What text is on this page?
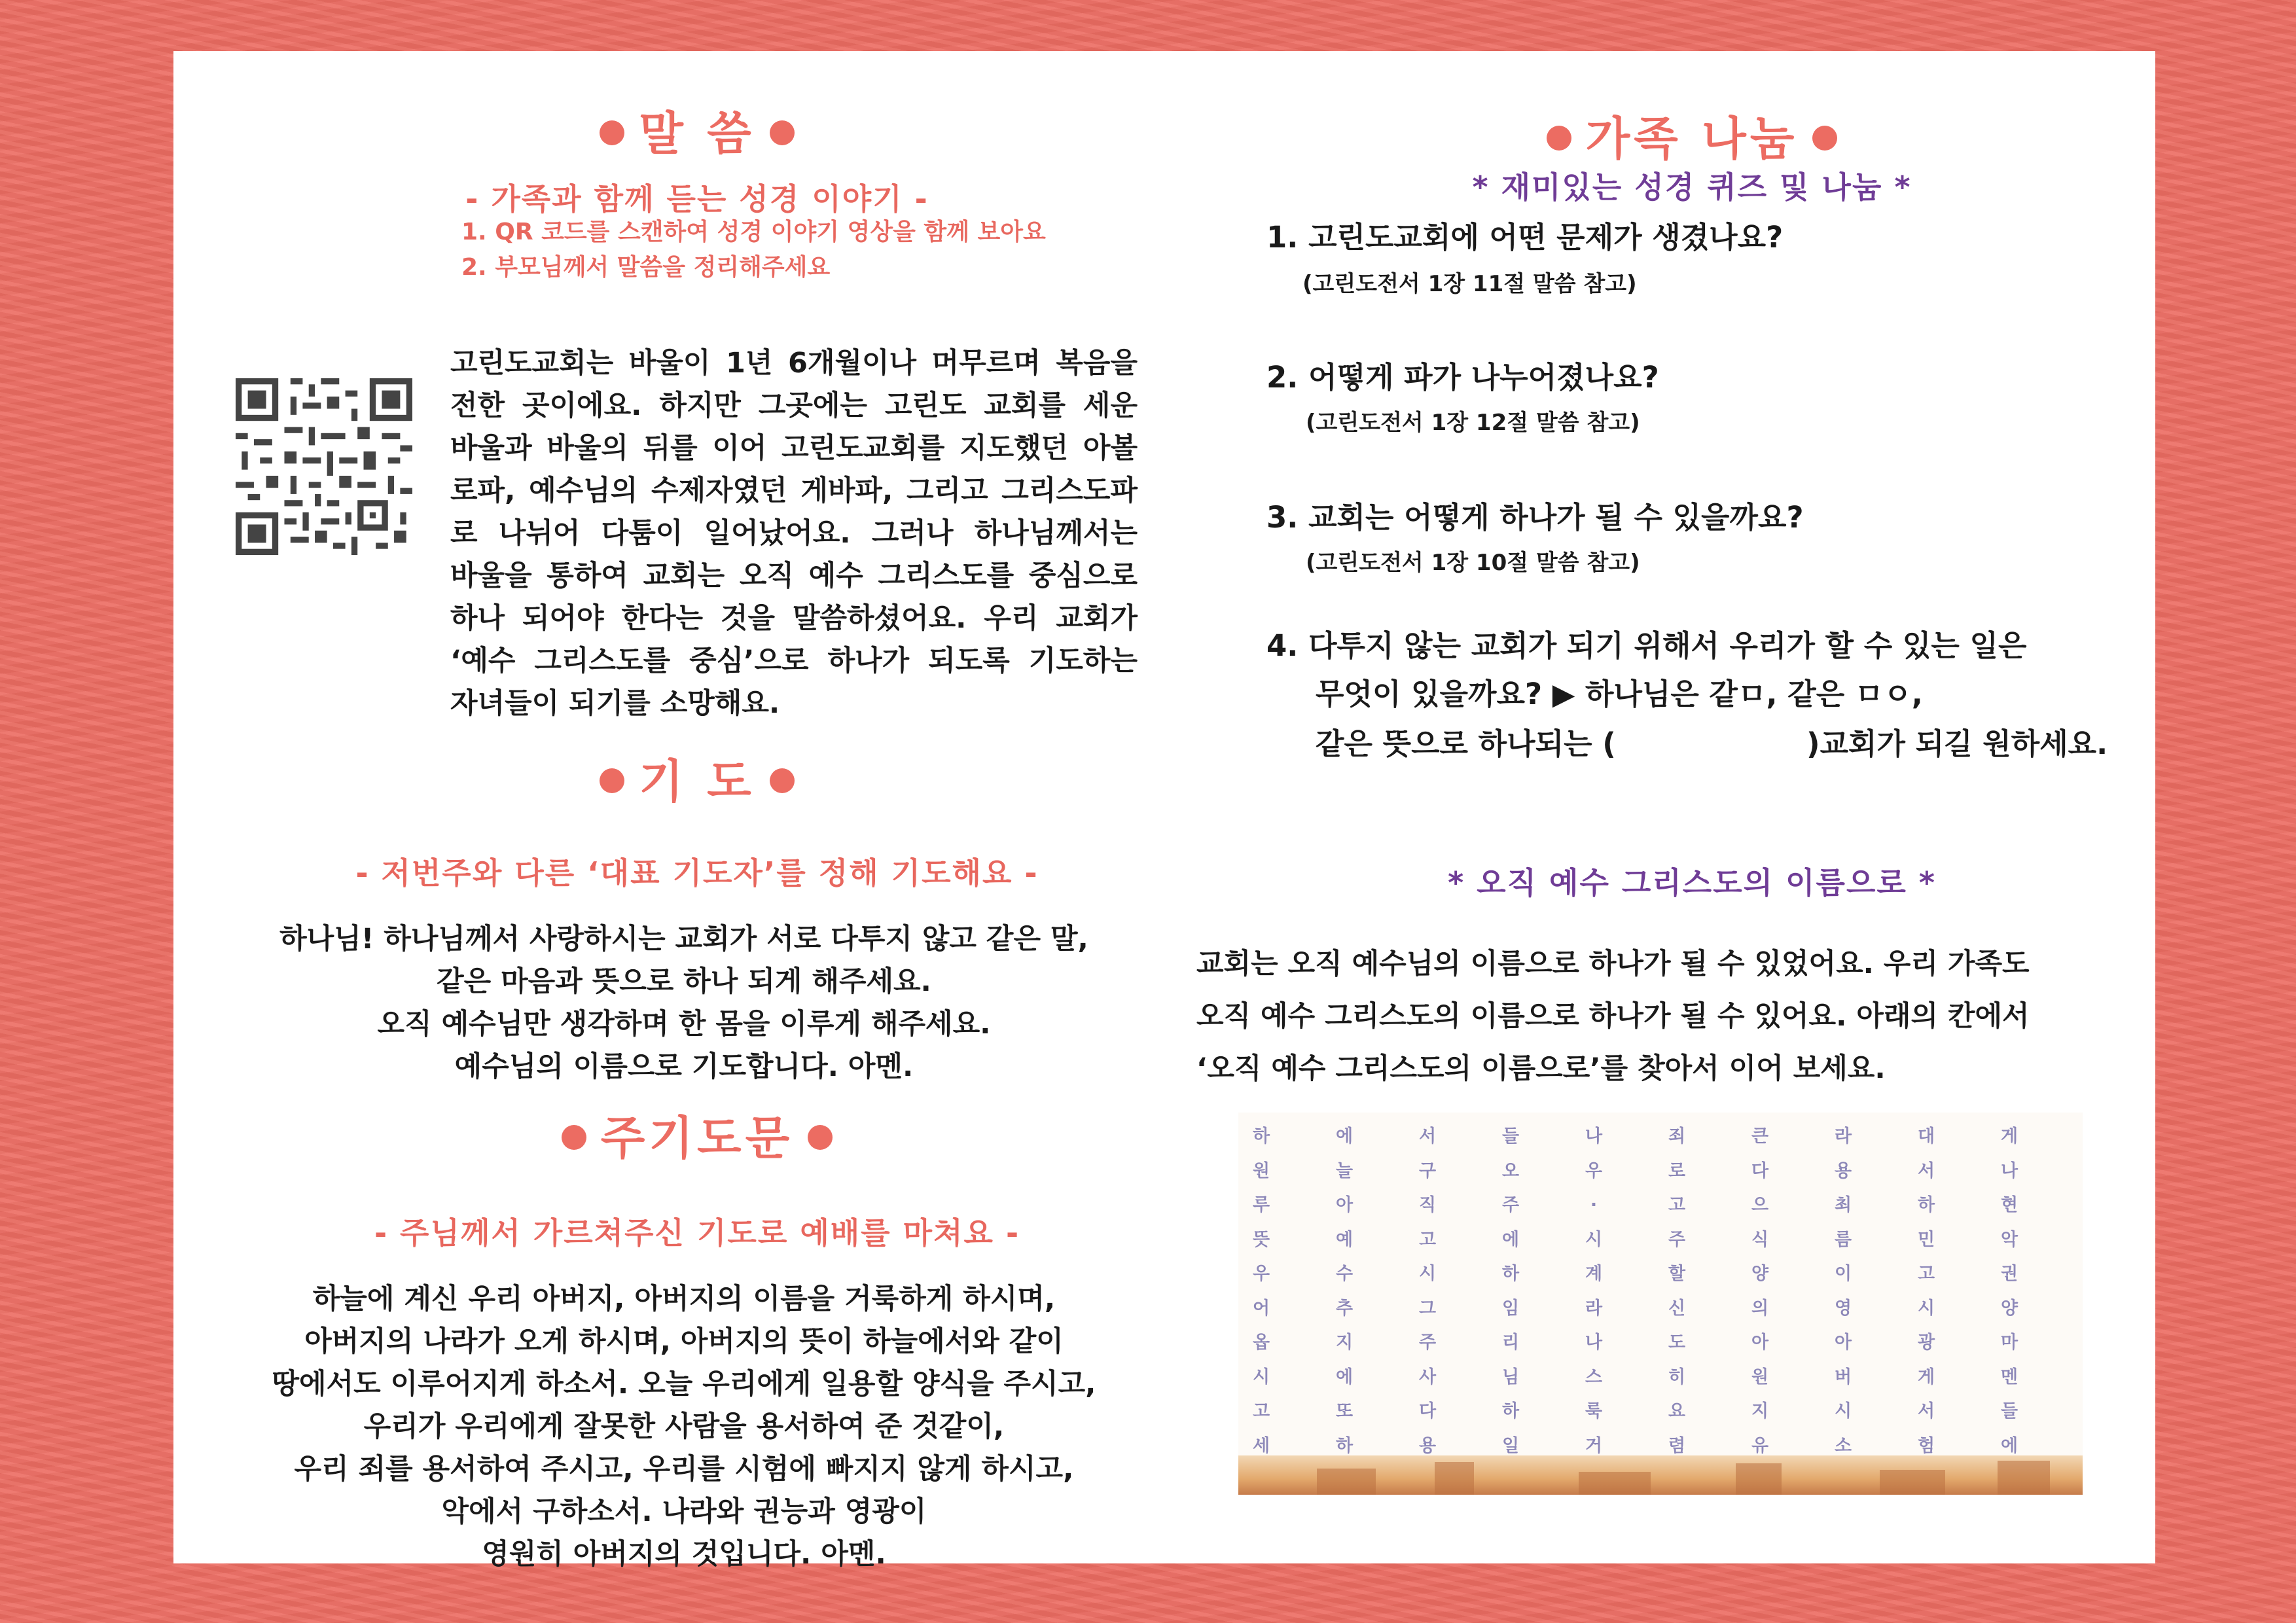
말 씀
- 가족과 함께 듣는 성경 이야기 -
1. QR 코드를 스캔하여 성경 이야기 영상을 함께 보아요
2. 부모님께서 말씀을 정리해주세요
고린도교회는 바울이 1년 6개월이나 머무르며 복음을
전한 곳이에요. 하지만 그곳에는 고린도 교회를 세운
바울과 바울의 뒤를 이어 고린도교회를 지도했던 아볼
로파, 예수님의 수제자였던 게바파, 그리고 그리스도파
로 나뉘어 다툼이 일어났어요. 그러나 하나님께서는
바울을 통하여 교회는 오직 예수 그리스도를 중심으로
하나 되어야 한다는 것을 말씀하셨어요. 우리 교회가
‘예수 그리스도를 중심’으로 하나가 되도록 기도하는
자녀들이 되기를 소망해요.
기 도
- 저번주와 다른 ‘대표 기도자’를 정해 기도해요 -
하나님! 하나님께서 사랑하시는 교회가 서로 다투지 않고 같은 말,
같은 마음과 뜻으로 하나 되게 해주세요.
오직 예수님만 생각하며 한 몸을 이루게 해주세요.
예수님의 이름으로 기도합니다. 아멘.
주기도문
- 주님께서 가르쳐주신 기도로 예배를 마쳐요 -
하늘에 계신 우리 아버지, 아버지의 이름을 거룩하게 하시며,
아버지의 나라가 오게 하시며, 아버지의 뜻이 하늘에서와 같이
땅에서도 이루어지게 하소서. 오늘 우리에게 일용할 양식을 주시고,
우리가 우리에게 잘못한 사람을 용서하여 준 것같이,
우리 죄를 용서하여 주시고, 우리를 시험에 빠지지 않게 하시고,
악에서 구하소서. 나라와 권능과 영광이
영원히 아버지의 것입니다. 아멘.
가족 나눔
* 재미있는 성경 퀴즈 및 나눔 *
1. 고린도교회에 어떤 문제가 생겼나요?
(고린도전서 1장 11절 말씀 참고)
2. 어떻게 파가 나누어졌나요?
(고린도전서 1장 12절 말씀 참고)
3. 교회는 어떻게 하나가 될 수 있을까요?
(고린도전서 1장 10절 말씀 참고)
4. 다투지 않는 교회가 되기 위해서 우리가 할 수 있는 일은
무엇이 있을까요? ▶ 하나님은 같ㅁ, 같은 ㅁㅇ,
같은 뜻으로 하나되는 (	)교회가 되길 원하세요.
* 오직 예수 그리스도의 이름으로 *
교회는 오직 예수님의 이름으로 하나가 될 수 있었어요. 우리 가족도
오직 예수 그리스도의 이름으로 하나가 될 수 있어요. 아래의 칸에서
‘오직 예수 그리스도의 이름으로’를 찾아서 이어 보세요.
하	에	서	들	나	죄	큰	라	대	게
원	늘	구	오	우	로	다	용	서	나
루	아	직	주	.	고	으	최	하	현
뜻	예	고	에	시	주	식	름	민	악
우	수	시	하	계	할	양	이	고	권
어	추	그	임	라	신	의	영	시	양
옵	지	주	리	나	도	아	아	광	마
시	에	사	님	스	히	원	버	게	멘
고	또	다	하	룩	요	지	시	서	들
세	하	용	일	거	렴	유	소	험	에
